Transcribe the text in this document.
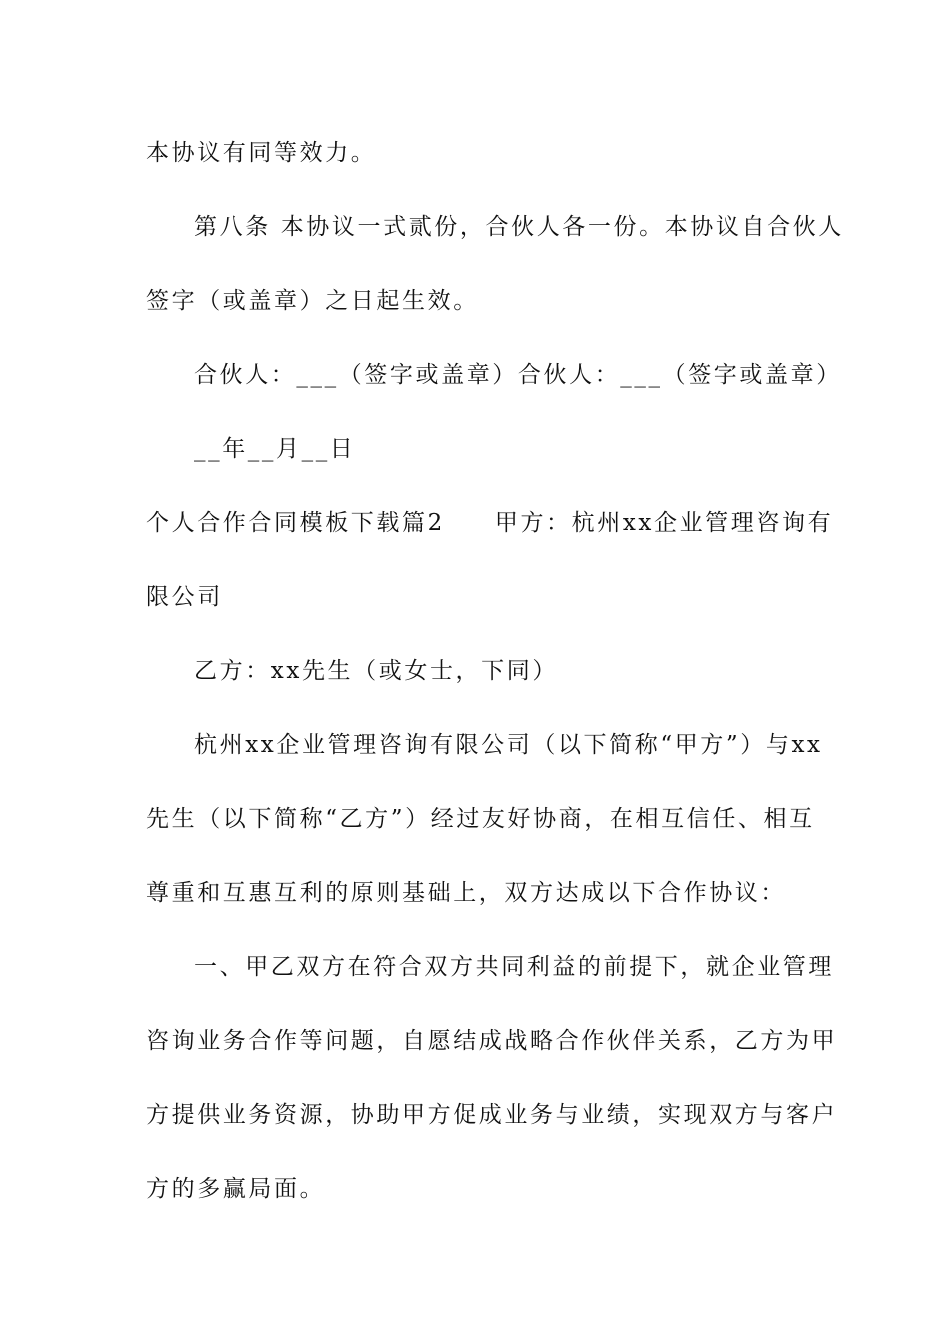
本协议有同等效力。
第八条 本协议一式贰份，合伙人各一份。本协议自合伙人
签字（或盖章）之日起生效。
合伙人：___（签字或盖章）合伙人：___（签字或盖章）
__年__月__日
个人合作合同模板下载篇2 甲方：杭州xx企业管理咨询有
限公司
乙方：xx先生（或女士，下同）
杭州xx企业管理咨询有限公司（以下简称“甲方”）与xx
先生（以下简称“乙方”）经过友好协商，在相互信任、相互
尊重和互惠互利的原则基础上，双方达成以下合作协议：
一、甲乙双方在符合双方共同利益的前提下，就企业管理
咨询业务合作等问题，自愿结成战略合作伙伴关系，乙方为甲
方提供业务资源，协助甲方促成业务与业绩，实现双方与客户
方的多赢局面。
